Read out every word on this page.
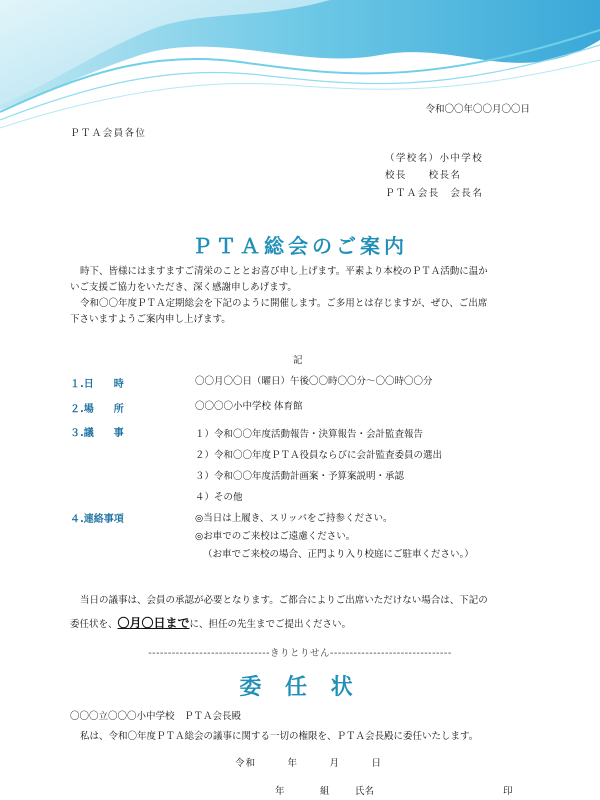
令和〇〇年〇〇月〇〇日
ＰＴＡ会員各位
（学校名）小中学校
校長　　校長名
ＰＴＡ会長　会長名
ＰＴＡ総会のご案内
時下、皆様にはますますご清栄のこととお喜び申し上げます。平素より本校のＰＴＡ活動に温か
いご支援ご協力をいただき、深く感謝申しあげます。
令和〇〇年度ＰＴＡ定期総会を下記のように開催します。ご多用とは存じますが、ぜひ、ご出席
下さいますようご案内申し上げます。
記
１.日　　時	〇〇月〇〇日（曜日）午後〇〇時〇〇分～〇〇時〇〇分
２.場　　所	〇〇〇〇小中学校 体育館
３.議　　事	１）令和〇〇年度活動報告・決算報告・会計監査報告
２）令和〇〇年度ＰＴＡ役員ならびに会計監査委員の選出
３）令和〇〇年度活動計画案・予算案説明・承認
４）その他
４.連絡事項	◎当日は上履き、スリッパをご持参ください。
◎お車でのご来校はご遠慮ください。
（お車でご来校の場合、正門より入り校庭にご駐車ください。）
当日の議事は、会員の承認が必要となります。ご都合によりご出席いただけない場合は、下記の
委任状を、〇月〇日までに、担任の先生までご提出ください。
-------------------------------きりとりせん-------------------------------
委 任 状
〇〇〇立〇〇〇小中学校　ＰＴＡ会長殿
私は、令和〇年度ＰＴＡ総会の議事に関する一切の権限を、ＰＴＡ会長殿に委任いたします。
令和　　　年　　　月　　　日
年	組	氏名	印
